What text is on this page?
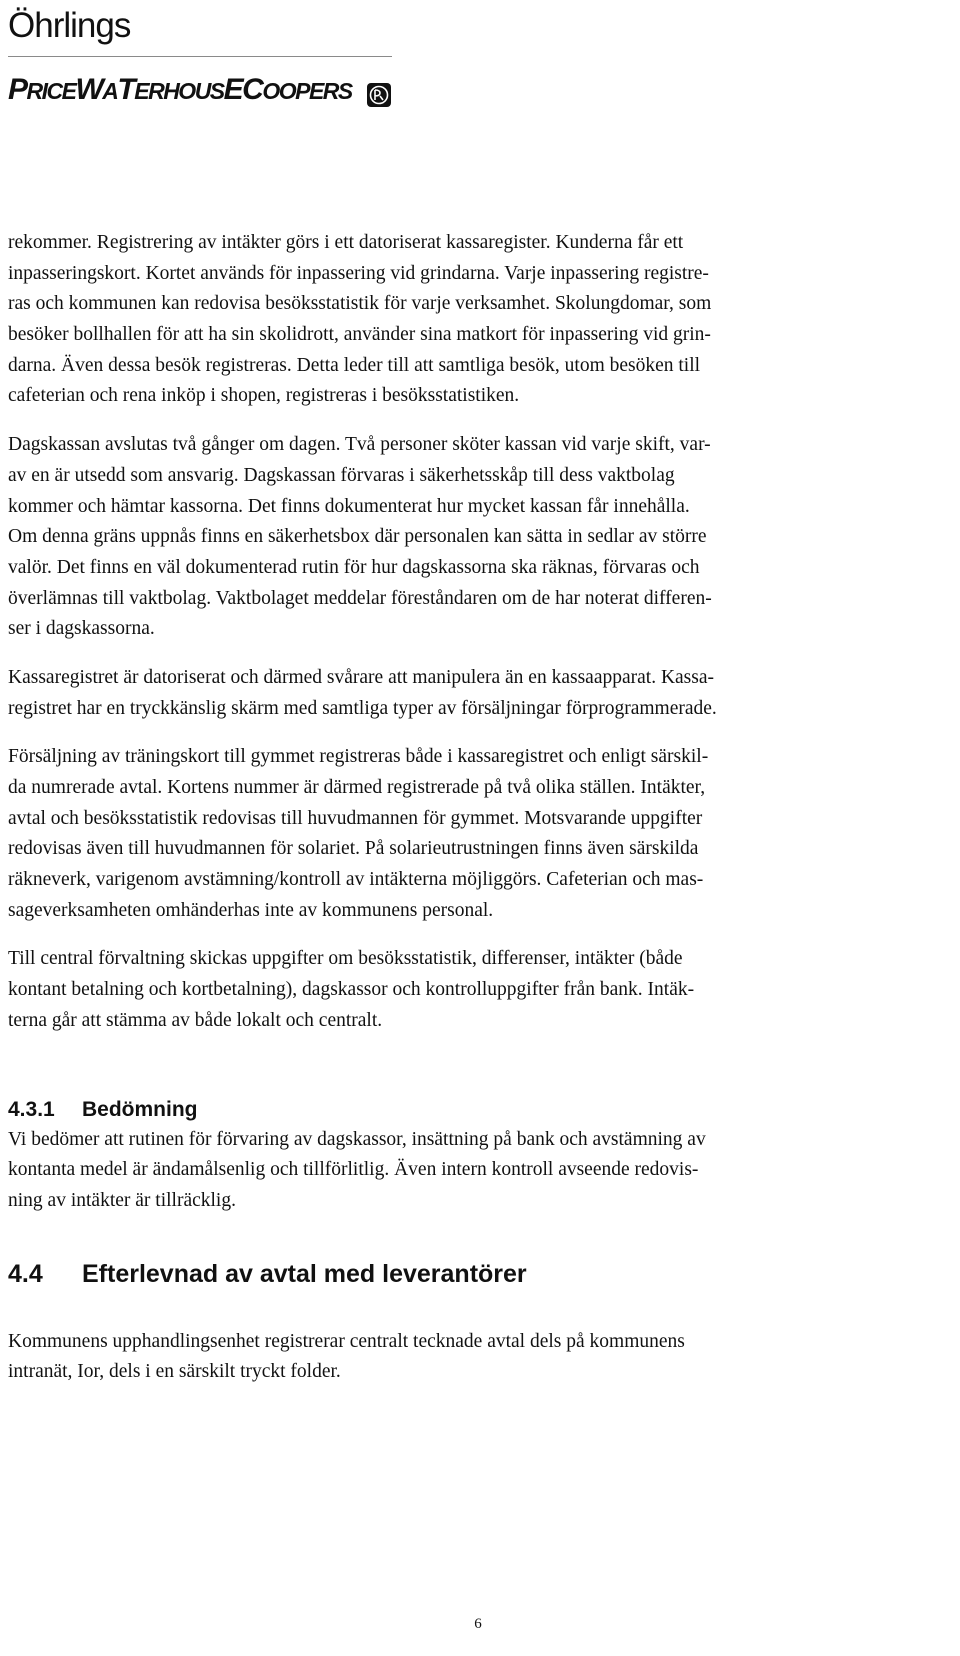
Öhrlings
PRICEWATERHOUSECOOPERS

rekommer. Registrering av intäkter görs i ett datoriserat kassaregister. Kunderna får ett
inpasseringskort. Kortet används för inpassering vid grindarna. Varje inpassering registre-
ras och kommunen kan redovisa besöksstatistik för varje verksamhet. Skolungdomar, som
besöker bollhallen för att ha sin skolidrott, använder sina matkort för inpassering vid grin-
darna. Även dessa besök registreras. Detta leder till att samtliga besök, utom besöken till
cafeterian och rena inköp i shopen, registreras i besöksstatistiken.

Dagskassan avslutas två gånger om dagen. Två personer sköter kassan vid varje skift, var-
av en är utsedd som ansvarig. Dagskassan förvaras i säkerhetsskåp till dess vaktbolag
kommer och hämtar kassorna. Det finns dokumenterat hur mycket kassan får innehålla.
Om denna gräns uppnås finns en säkerhetsbox där personalen kan sätta in sedlar av större
valör. Det finns en väl dokumenterad rutin för hur dagskassorna ska räknas, förvaras och
överlämnas till vaktbolag. Vaktbolaget meddelar föreståndaren om de har noterat differen-
ser i dagskassorna.

Kassaregistret är datoriserat och därmed svårare att manipulera än en kassaapparat. Kassa-
registret har en tryckkänslig skärm med samtliga typer av försäljningar förprogrammerade.

Försäljning av träningskort till gymmet registreras både i kassaregistret och enligt särskil-
da numrerade avtal. Kortens nummer är därmed registrerade på två olika ställen. Intäkter,
avtal och besöksstatistik redovisas till huvudmannen för gymmet. Motsvarande uppgifter
redovisas även till huvudmannen för solariet. På solarieutrustningen finns även särskilda
räkneverk, varigenom avstämning/kontroll av intäkterna möjliggörs. Cafeterian och mas-
sageverksamheten omhänderhas inte av kommunens personal.

Till central förvaltning skickas uppgifter om besöksstatistik, differenser, intäkter (både
kontant betalning och kortbetalning), dagskassor och kontrolluppgifter från bank. Intäk-
terna går att stämma av både lokalt och centralt.

4.3.1 Bedömning

Vi bedömer att rutinen för förvaring av dagskassor, insättning på bank och avstämning av
kontanta medel är ändamålsenlig och tillförlitlig. Även intern kontroll avseende redovis-
ning av intäkter är tillräcklig.

4.4 Efterlevnad av avtal med leverantörer

Kommunens upphandlingsenhet registrerar centralt tecknade avtal dels på kommunens
intranät, Ior, dels i en särskilt tryckt folder.

6
